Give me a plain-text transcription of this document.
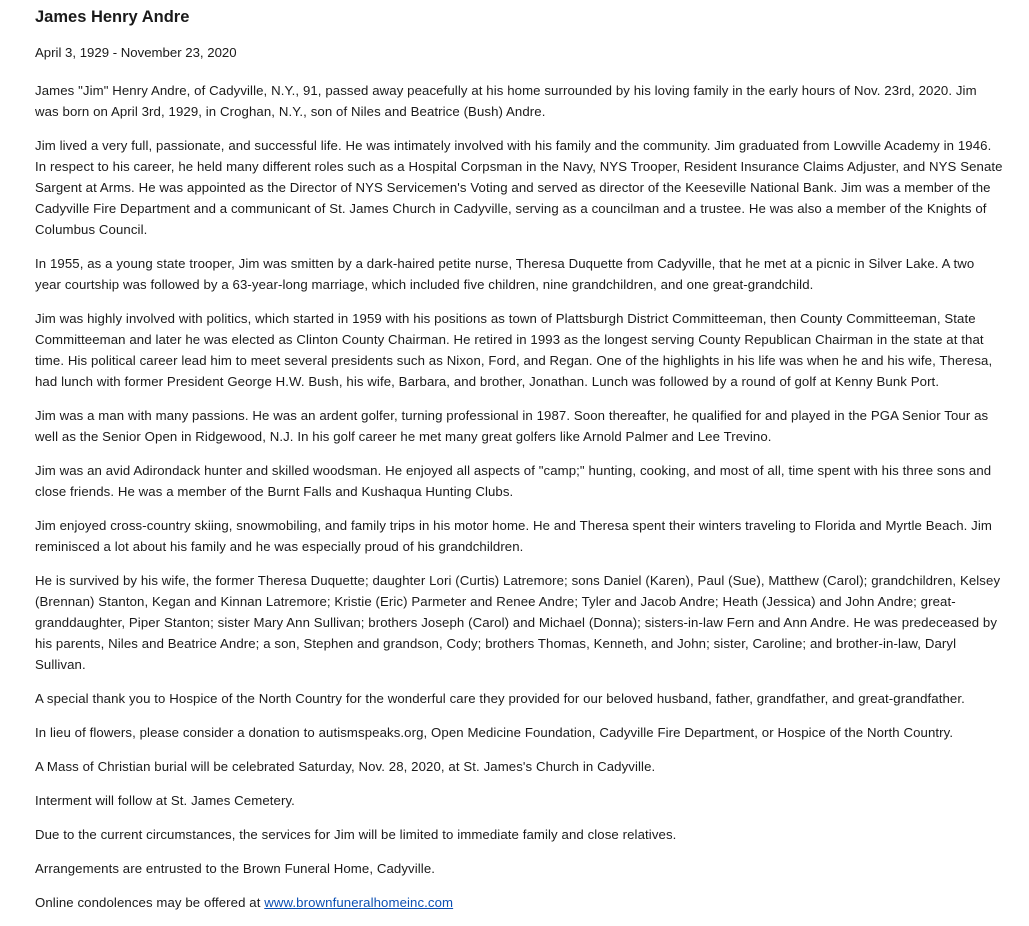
James Henry Andre

April 3, 1929 - November 23, 2020

James "Jim" Henry Andre, of Cadyville, N.Y., 91, passed away peacefully at his home surrounded by his loving family in the early hours of Nov. 23rd, 2020. Jim was born on April 3rd, 1929, in Croghan, N.Y., son of Niles and Beatrice (Bush) Andre.

Jim lived a very full, passionate, and successful life. He was intimately involved with his family and the community. Jim graduated from Lowville Academy in 1946. In respect to his career, he held many different roles such as a Hospital Corpsman in the Navy, NYS Trooper, Resident Insurance Claims Adjuster, and NYS Senate Sargent at Arms. He was appointed as the Director of NYS Servicemen's Voting and served as director of the Keeseville National Bank. Jim was a member of the Cadyville Fire Department and a communicant of St. James Church in Cadyville, serving as a councilman and a trustee. He was also a member of the Knights of Columbus Council.

In 1955, as a young state trooper, Jim was smitten by a dark-haired petite nurse, Theresa Duquette from Cadyville, that he met at a picnic in Silver Lake. A two year courtship was followed by a 63-year-long marriage, which included five children, nine grandchildren, and one great-grandchild.

Jim was highly involved with politics, which started in 1959 with his positions as town of Plattsburgh District Committeeman, then County Committeeman, State Committeeman and later he was elected as Clinton County Chairman. He retired in 1993 as the longest serving County Republican Chairman in the state at that time. His political career lead him to meet several presidents such as Nixon, Ford, and Regan. One of the highlights in his life was when he and his wife, Theresa, had lunch with former President George H.W. Bush, his wife, Barbara, and brother, Jonathan. Lunch was followed by a round of golf at Kenny Bunk Port.

Jim was a man with many passions. He was an ardent golfer, turning professional in 1987. Soon thereafter, he qualified for and played in the PGA Senior Tour as well as the Senior Open in Ridgewood, N.J. In his golf career he met many great golfers like Arnold Palmer and Lee Trevino.

Jim was an avid Adirondack hunter and skilled woodsman. He enjoyed all aspects of "camp;" hunting, cooking, and most of all, time spent with his three sons and close friends. He was a member of the Burnt Falls and Kushaqua Hunting Clubs.

Jim enjoyed cross-country skiing, snowmobiling, and family trips in his motor home. He and Theresa spent their winters traveling to Florida and Myrtle Beach. Jim reminisced a lot about his family and he was especially proud of his grandchildren.

He is survived by his wife, the former Theresa Duquette; daughter Lori (Curtis) Latremore; sons Daniel (Karen), Paul (Sue), Matthew (Carol); grandchildren, Kelsey (Brennan) Stanton, Kegan and Kinnan Latremore; Kristie (Eric) Parmeter and Renee Andre; Tyler and Jacob Andre; Heath (Jessica) and John Andre; great-granddaughter, Piper Stanton; sister Mary Ann Sullivan; brothers Joseph (Carol) and Michael (Donna); sisters-in-law Fern and Ann Andre. He was predeceased by his parents, Niles and Beatrice Andre; a son, Stephen and grandson, Cody; brothers Thomas, Kenneth, and John; sister, Caroline; and brother-in-law, Daryl Sullivan.

A special thank you to Hospice of the North Country for the wonderful care they provided for our beloved husband, father, grandfather, and great-grandfather.

In lieu of flowers, please consider a donation to autismspeaks.org, Open Medicine Foundation, Cadyville Fire Department, or Hospice of the North Country.

A Mass of Christian burial will be celebrated Saturday, Nov. 28, 2020, at St. James's Church in Cadyville.

Interment will follow at St. James Cemetery.

Due to the current circumstances, the services for Jim will be limited to immediate family and close relatives.

Arrangements are entrusted to the Brown Funeral Home, Cadyville.

Online condolences may be offered at www.brownfuneralhomeinc.com
